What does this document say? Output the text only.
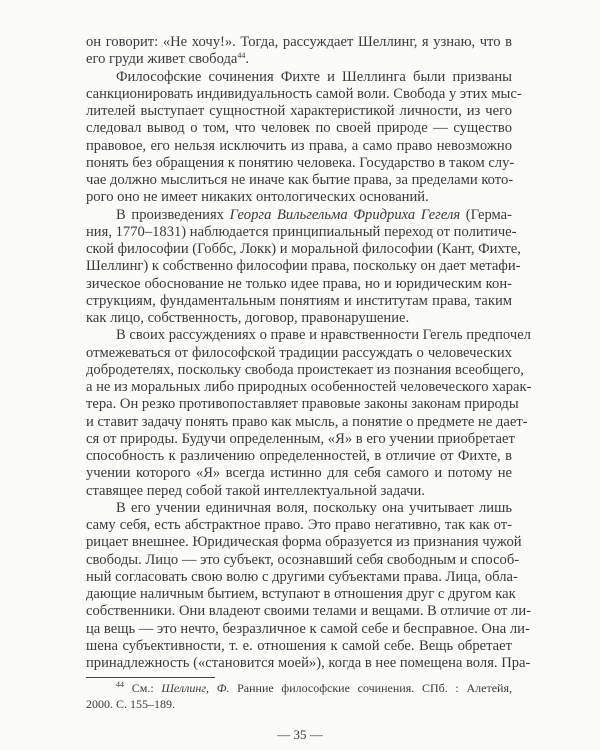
он говорит: «Не хочу!». Тогда, рассуждает Шеллинг, я узнаю, что в
его груди живет свобода$^{44}$.
Философские сочинения Фихте и Шеллинга были призваны
санкционировать индивидуальность самой воли. Свобода у этих мыс-
лителей выступает сущностной характеристикой личности, из чего
следовал вывод о том, что человек по своей природе — существо
правовое, его нельзя исключить из права, а само право невозможно
понять без обращения к понятию человека. Государство в таком слу-
чае должно мыслиться не иначе как бытие права, за пределами кото-
рого оно не имеет никаких онтологических оснований.
В произведениях Георга Вильгельма Фридриха Гегеля (Герма-
ния, 1770–1831) наблюдается принципиальный переход от политиче-
ской философии (Гоббс, Локк) и моральной философии (Кант, Фихте,
Шеллинг) к собственно философии права, поскольку он дает метафи-
зическое обоснование не только идее права, но и юридическим кон-
струкциям, фундаментальным понятиям и институтам права, таким
как лицо, собственность, договор, правонарушение.
В своих рассуждениях о праве и нравственности Гегель предпочел
отмежеваться от философской традиции рассуждать о человеческих
добродетелях, поскольку свобода проистекает из познания всеобщего,
а не из моральных либо природных особенностей человеческого харак-
тера. Он резко противопоставляет правовые законы законам природы
и ставит задачу понять право как мысль, а понятие о предмете не дает-
ся от природы. Будучи определенным, «Я» в его учении приобретает
способность к различению определенностей, в отличие от Фихте, в
учении которого «Я» всегда истинно для себя самого и потому не
ставящее перед собой такой интеллектуальной задачи.
В его учении единичная воля, поскольку она учитывает лишь
саму себя, есть абстрактное право. Это право негативно, так как от-
рицает внешнее. Юридическая форма образуется из признания чужой
свободы. Лицо — это субъект, осознавший себя свободным и способ-
ный согласовать свою волю с другими субъектами права. Лица, обла-
дающие наличным бытием, вступают в отношения друг с другом как
собственники. Они владеют своими телами и вещами. В отличие от ли-
ца вещь — это нечто, безразличное к самой себе и бесправное. Она ли-
шена субъективности, т. е. отношения к самой себе. Вещь обретает
принадлежность («становится моей»), когда в нее помещена воля. Пра-
$^{44}$ См.: Шеллинг, Ф. Ранние философские сочинения. СПб. : Алетейя,
2000. С. 155–189.
— 35 —
